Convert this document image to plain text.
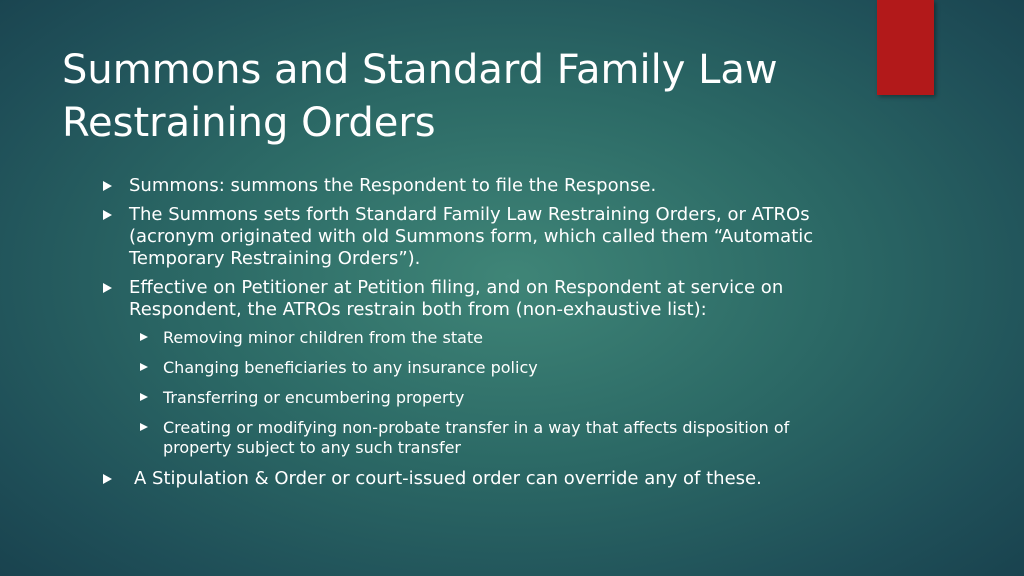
Summons and Standard Family Law Restraining Orders
Summons: summons the Respondent to file the Response.
The Summons sets forth Standard Family Law Restraining Orders, or ATROs (acronym originated with old Summons form, which called them “Automatic Temporary Restraining Orders”).
Effective on Petitioner at Petition filing, and on Respondent at service on Respondent, the ATROs restrain both from (non-exhaustive list):
Removing minor children from the state
Changing beneficiaries to any insurance policy
Transferring or encumbering property
Creating or modifying non-probate transfer in a way that affects disposition of property subject to any such transfer
A Stipulation & Order or court-issued order can override any of these.
